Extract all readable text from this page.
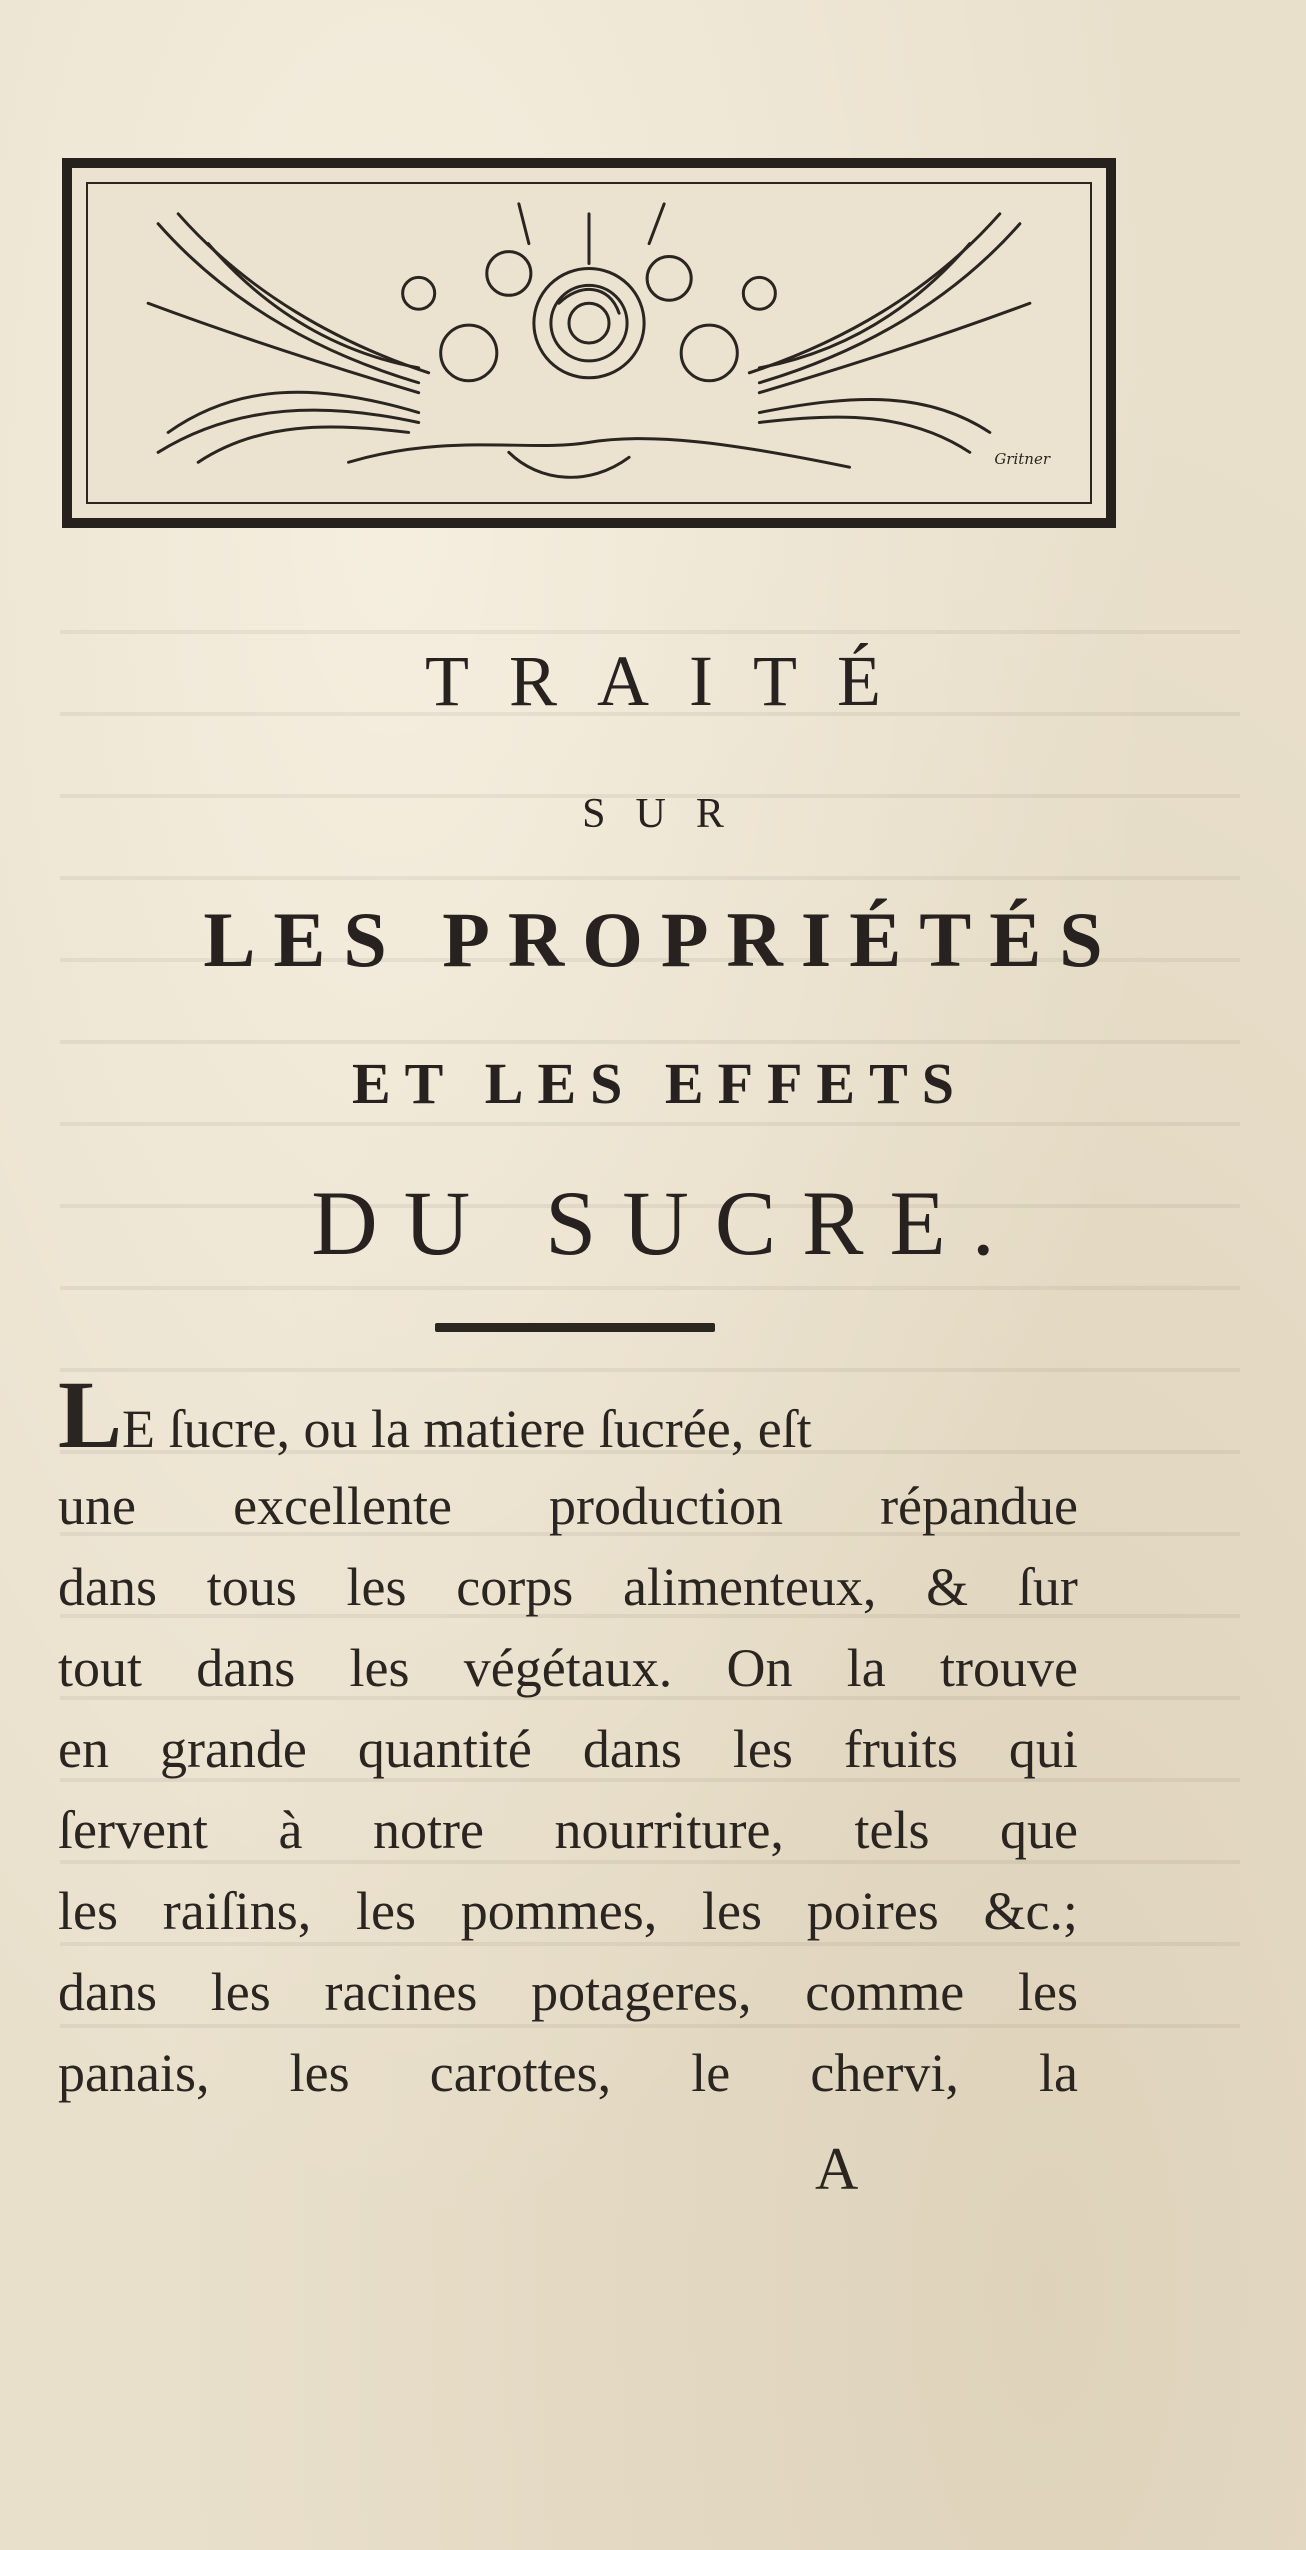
Gritner
TRAITÉ
SUR
LES PROPRIÉTÉS
ET LES EFFETS
DU SUCRE.
LE ſucre, ou la matiere ſucrée, eſt
une excellente production répandue
dans tous les corps alimenteux, & ſur
tout dans les végétaux. On la trouve
en grande quantité dans les fruits qui
ſervent à notre nourriture, tels que
les raiſins, les pommes, les poires &c.;
dans les racines potageres, comme les
panais, les carottes, le chervi, la
A
